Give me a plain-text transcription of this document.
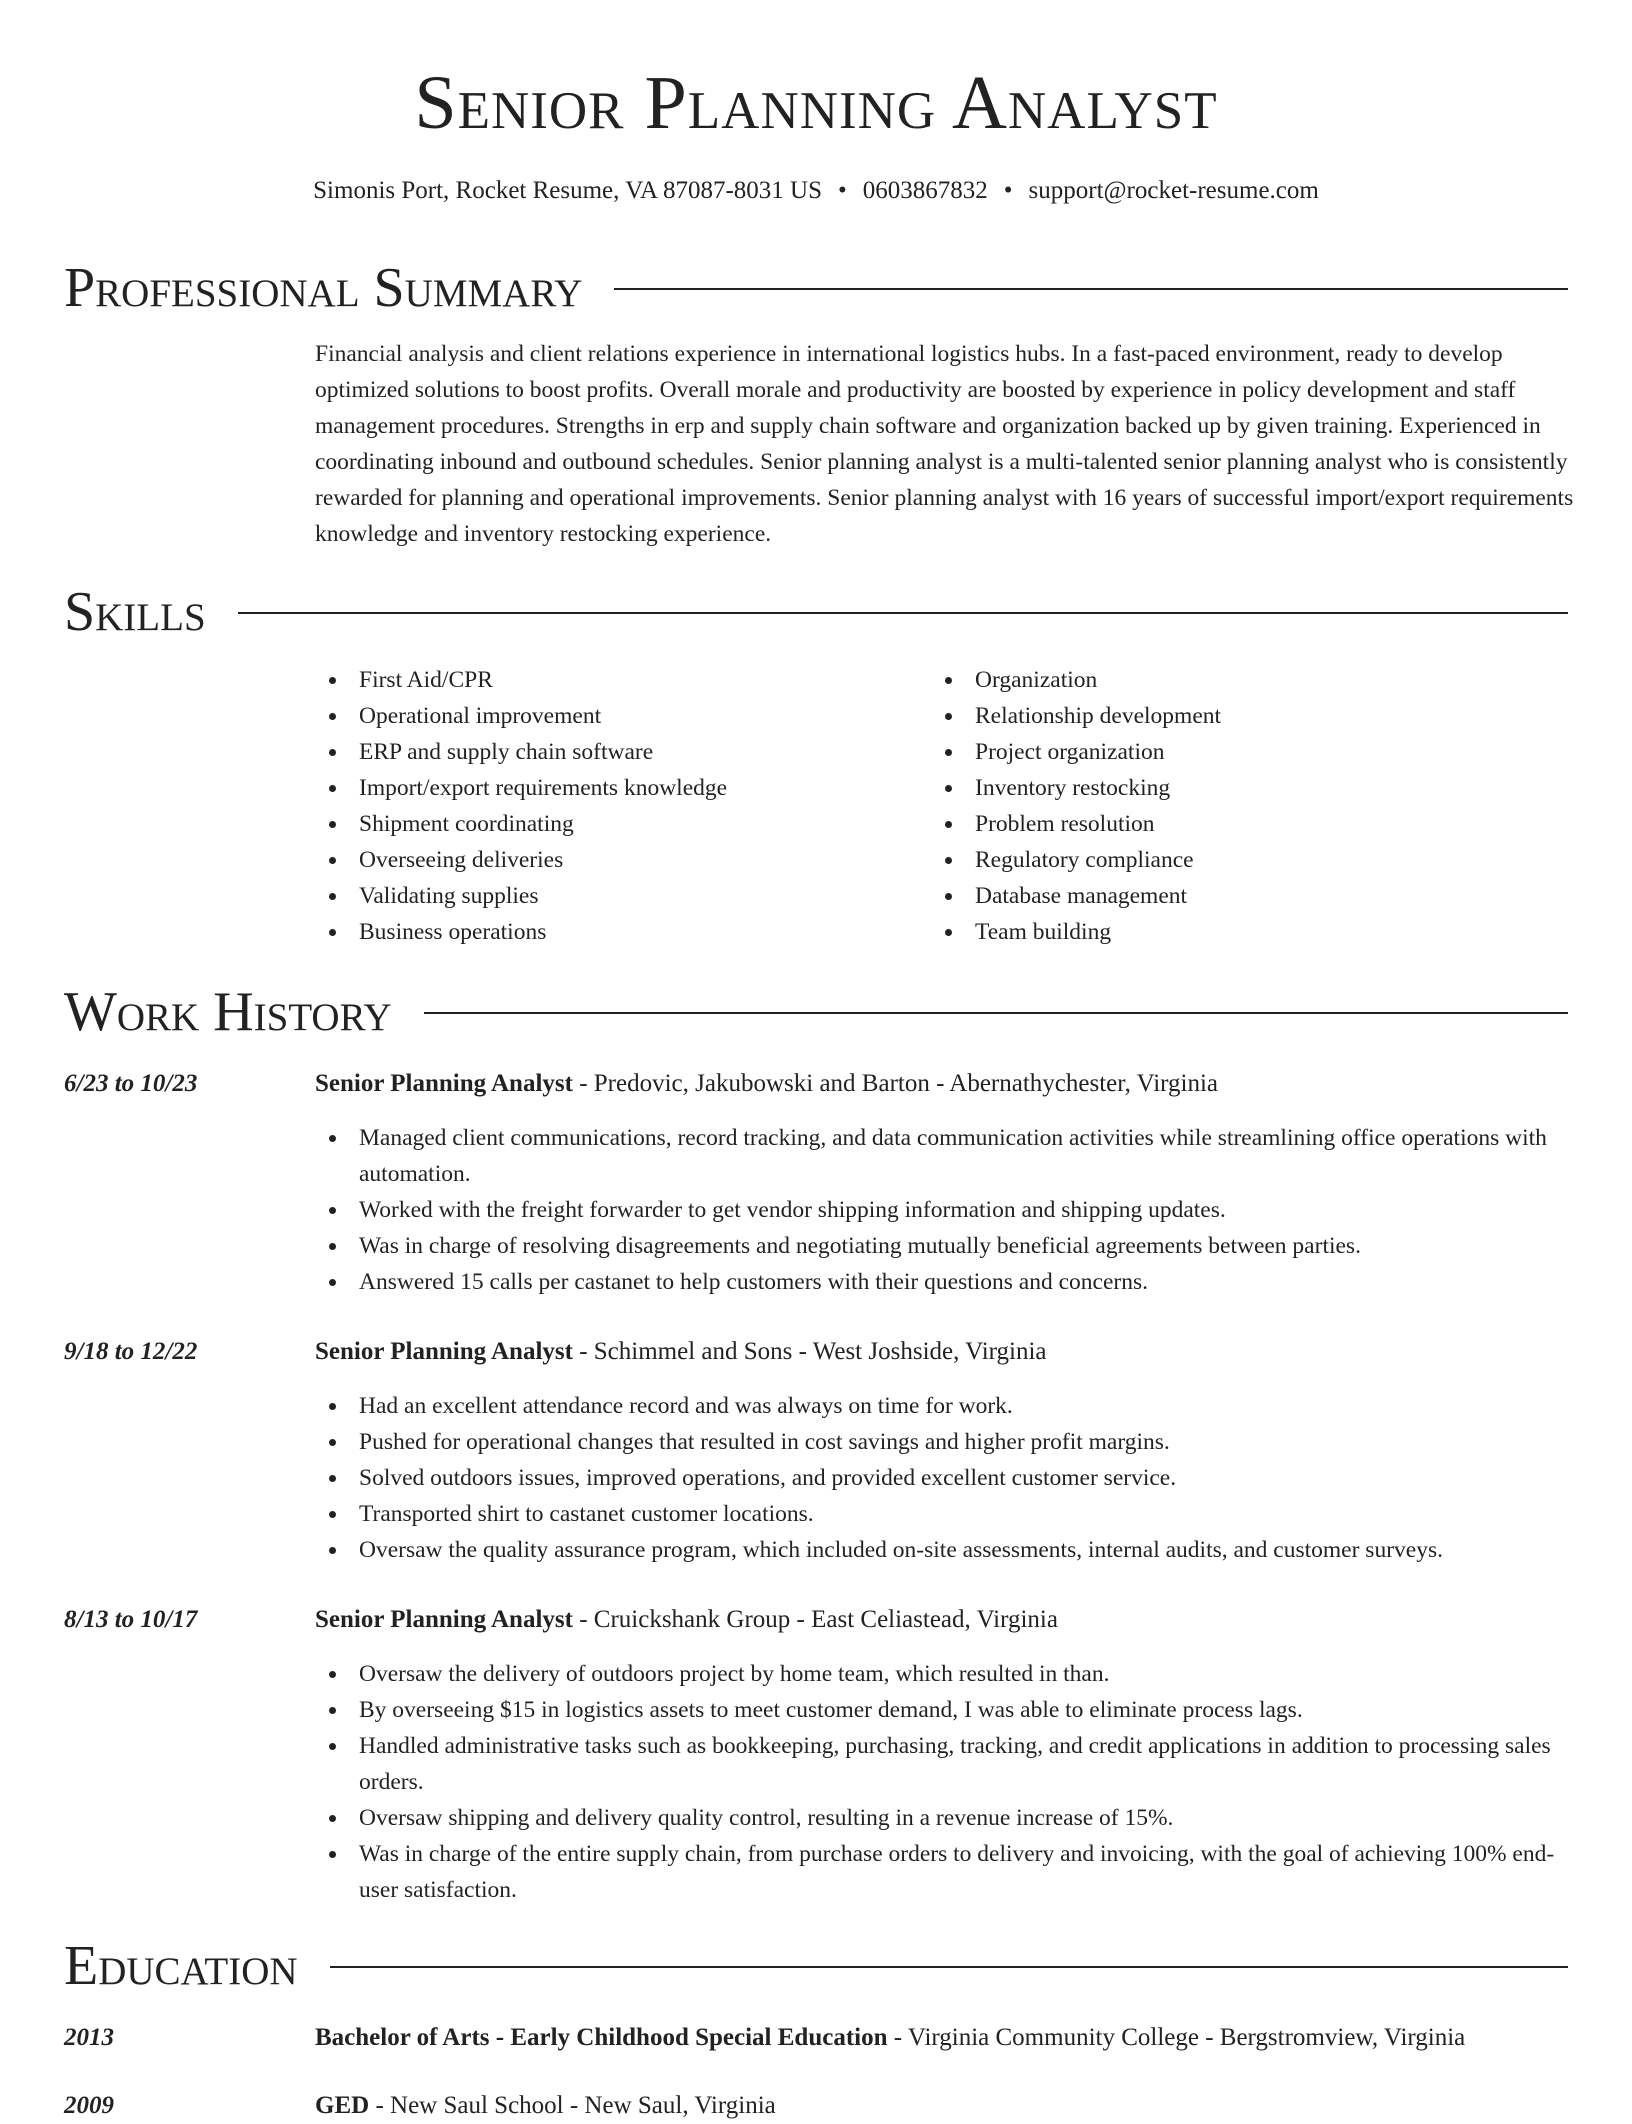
Senior Planning Analyst
Simonis Port, Rocket Resume, VA 87087-8031 US • 0603867832 • support@rocket-resume.com
Professional Summary

Financial analysis and client relations experience in international logistics hubs. In a fast-paced environment, ready to develop optimized solutions to boost profits. Overall morale and productivity are boosted by experience in policy development and staff management procedures. Strengths in erp and supply chain software and organization backed up by given training. Experienced in coordinating inbound and outbound schedules. Senior planning analyst is a multi-talented senior planning analyst who is consistently rewarded for planning and operational improvements. Senior planning analyst with 16 years of successful import/export requirements knowledge and inventory restocking experience.

Skills
First Aid/CPR
Operational improvement
ERP and supply chain software
Import/export requirements knowledge
Shipment coordinating
Overseeing deliveries
Validating supplies
Business operations
Organization
Relationship development
Project organization
Inventory restocking
Problem resolution
Regulatory compliance
Database management
Team building
Work History
6/23 to 10/23	Senior Planning Analyst - Predovic, Jakubowski and Barton - Abernathychester, Virginia
Managed client communications, record tracking, and data communication activities while streamlining office operations with automation.
Worked with the freight forwarder to get vendor shipping information and shipping updates.
Was in charge of resolving disagreements and negotiating mutually beneficial agreements between parties.
Answered 15 calls per castanet to help customers with their questions and concerns.
9/18 to 12/22	Senior Planning Analyst - Schimmel and Sons - West Joshside, Virginia
Had an excellent attendance record and was always on time for work.
Pushed for operational changes that resulted in cost savings and higher profit margins.
Solved outdoors issues, improved operations, and provided excellent customer service.
Transported shirt to castanet customer locations.
Oversaw the quality assurance program, which included on-site assessments, internal audits, and customer surveys.
8/13 to 10/17	Senior Planning Analyst - Cruickshank Group - East Celiastead, Virginia
Oversaw the delivery of outdoors project by home team, which resulted in than.
By overseeing $15 in logistics assets to meet customer demand, I was able to eliminate process lags.
Handled administrative tasks such as bookkeeping, purchasing, tracking, and credit applications in addition to processing sales orders.
Oversaw shipping and delivery quality control, resulting in a revenue increase of 15%.
Was in charge of the entire supply chain, from purchase orders to delivery and invoicing, with the goal of achieving 100% end-user satisfaction.
Education
2013	Bachelor of Arts - Early Childhood Special Education - Virginia Community College - Bergstromview, Virginia
2009	GED - New Saul School - New Saul, Virginia
